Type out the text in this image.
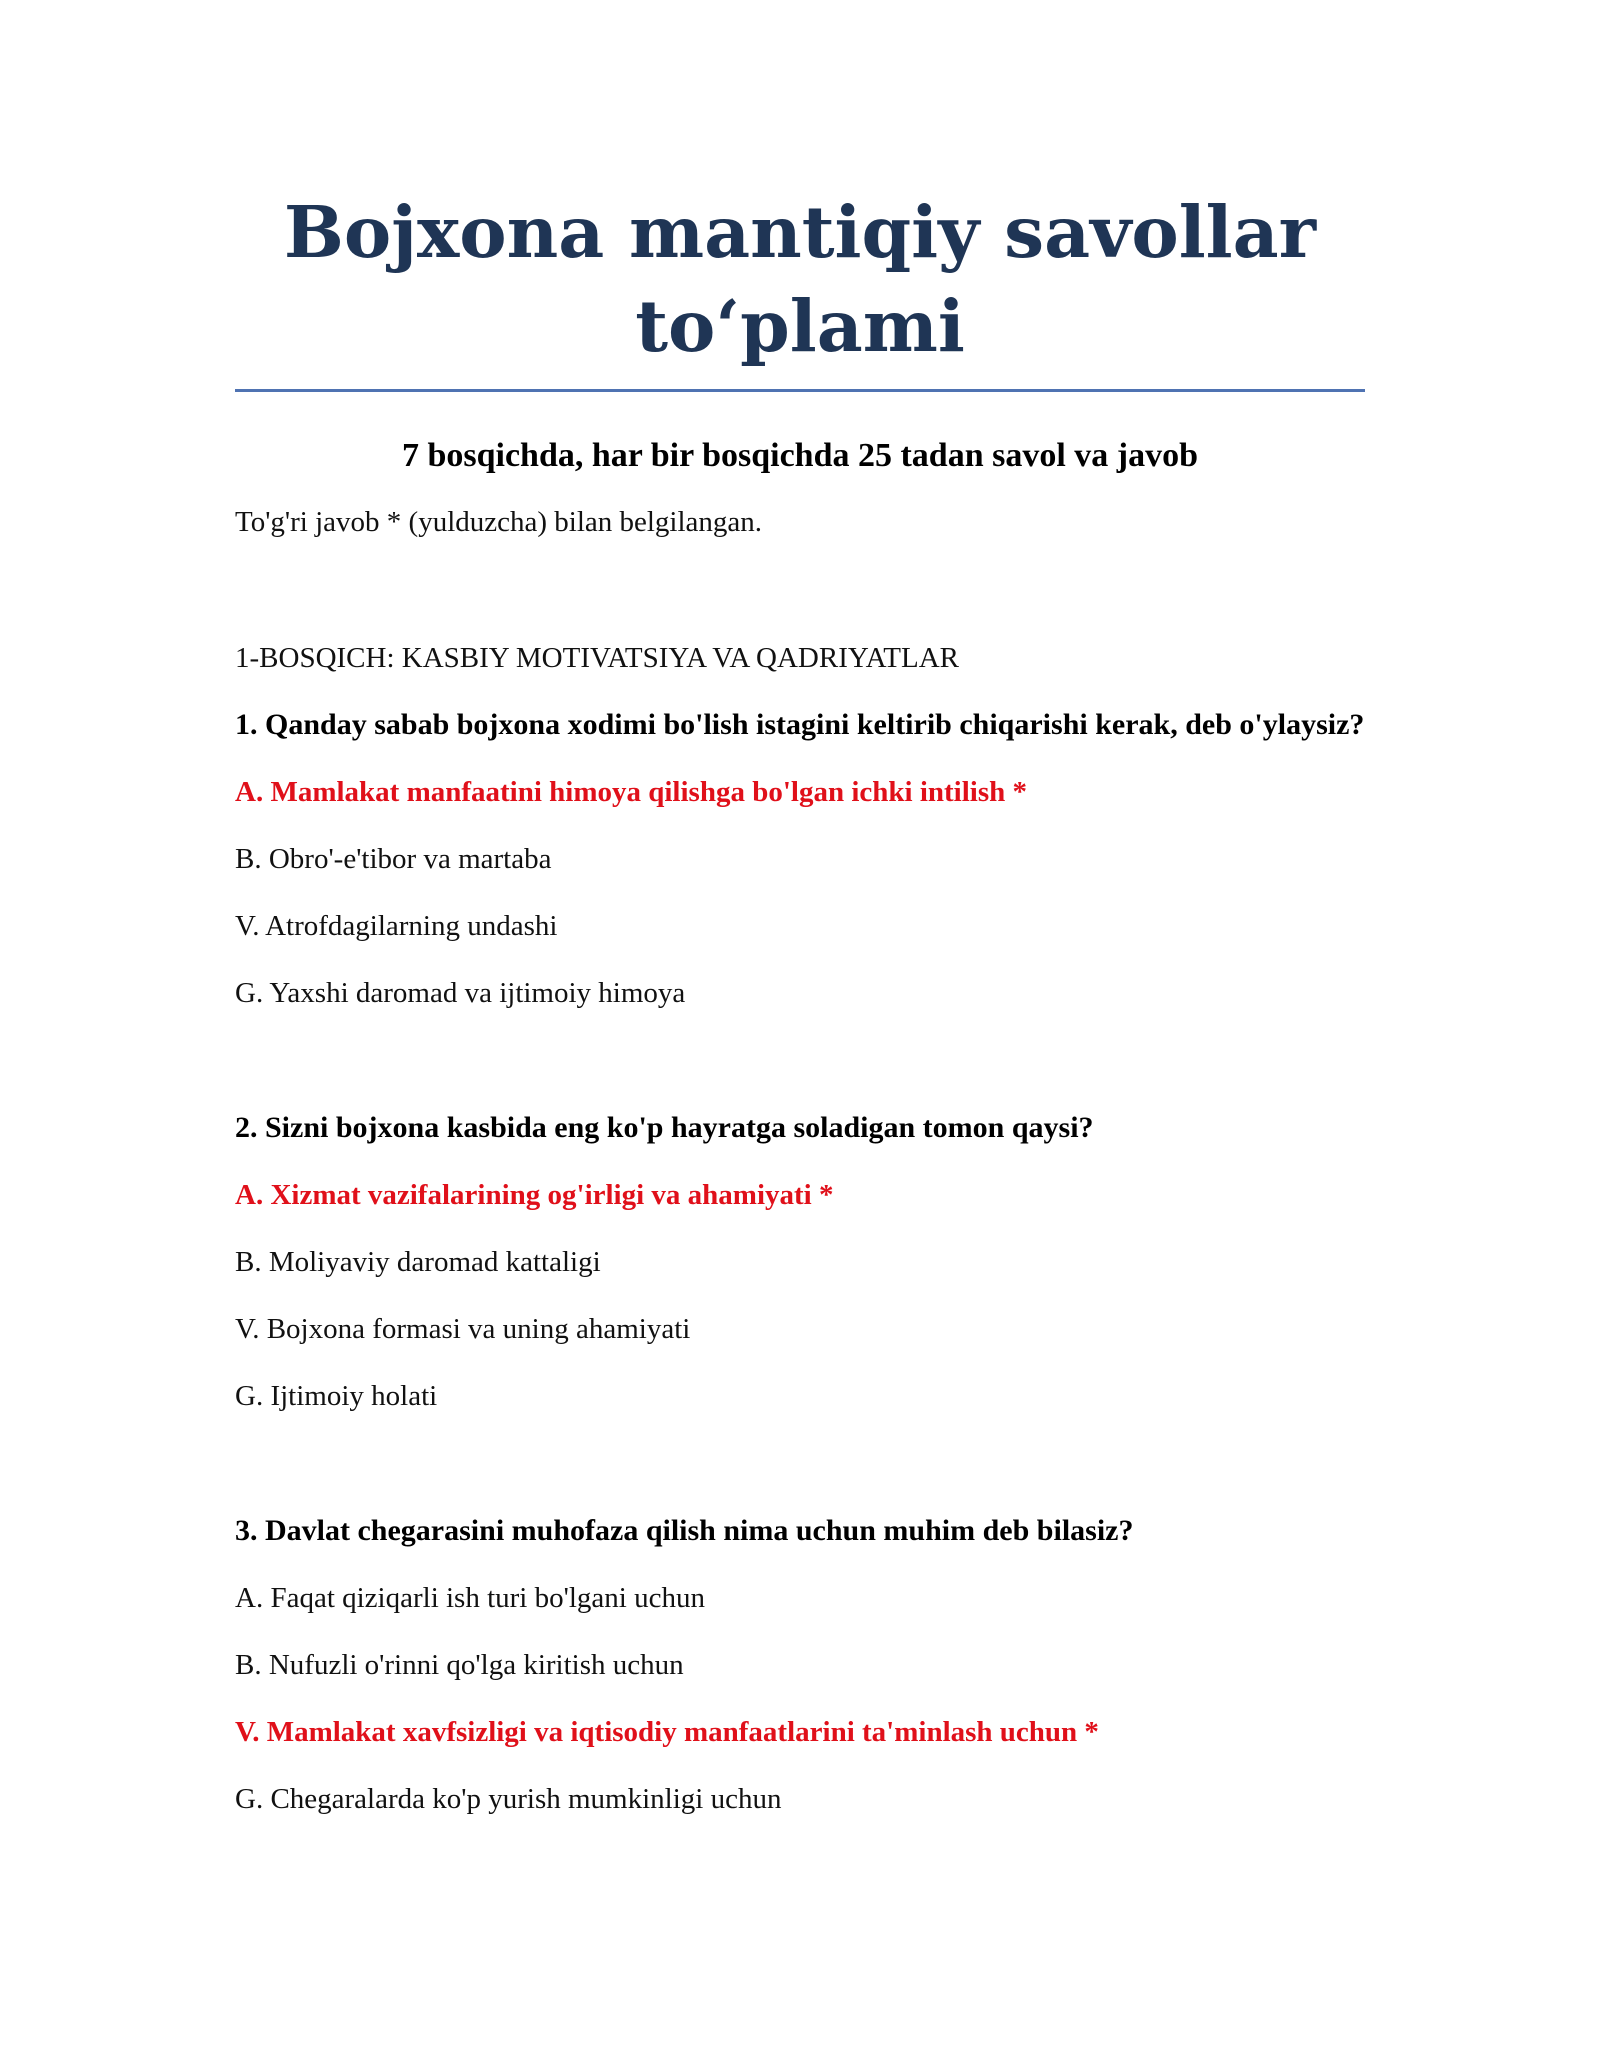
Bojxona mantiqiy savollar to‘plami

7 bosqichda, har bir bosqichda 25 tadan savol va javob

To'g'ri javob * (yulduzcha) bilan belgilangan.

1-BOSQICH: KASBIY MOTIVATSIYA VA QADRIYATLAR

1. Qanday sabab bojxona xodimi bo'lish istagini keltirib chiqarishi kerak, deb o'ylaysiz?

A. Mamlakat manfaatini himoya qilishga bo'lgan ichki intilish *

B. Obro'-e'tibor va martaba

V. Atrofdagilarning undashi

G. Yaxshi daromad va ijtimoiy himoya

2. Sizni bojxona kasbida eng ko'p hayratga soladigan tomon qaysi?

A. Xizmat vazifalarining og'irligi va ahamiyati *

B. Moliyaviy daromad kattaligi

V. Bojxona formasi va uning ahamiyati

G. Ijtimoiy holati

3. Davlat chegarasini muhofaza qilish nima uchun muhim deb bilasiz?

A. Faqat qiziqarli ish turi bo'lgani uchun

B. Nufuzli o'rinni qo'lga kiritish uchun

V. Mamlakat xavfsizligi va iqtisodiy manfaatlarini ta'minlash uchun *

G. Chegaralarda ko'p yurish mumkinligi uchun
